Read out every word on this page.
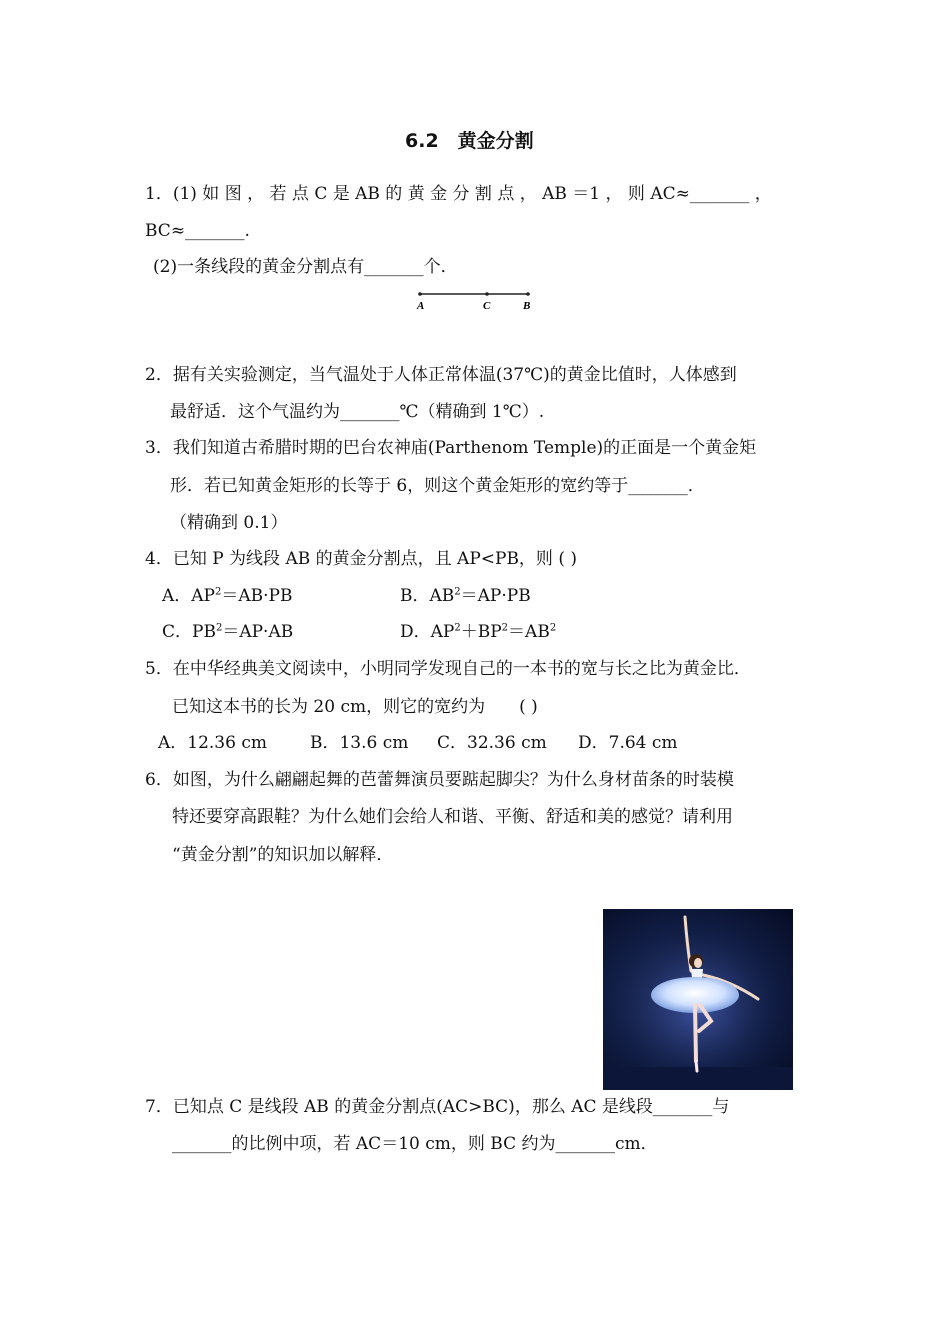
6.2　黄金分割
1．(1) 如 图 ， 若 点 C 是 AB 的 黄 金 分 割 点 ， AB ＝1 ， 则 AC≈_______ ，
BC≈_______.
(2)一条线段的黄金分割点有_______个．
A	C	B
2．据有关实验测定，当气温处于人体正常体温(37℃)的黄金比值时，人体感到
最舒适．这个气温约为_______℃（精确到 1℃）.
3．我们知道古希腊时期的巴台农神庙(Parthenom Temple)的正面是一个黄金矩
形．若已知黄金矩形的长等于 6，则这个黄金矩形的宽约等于_______．
（精确到 0.1）
4．已知 P 为线段 AB 的黄金分割点，且 AP<PB，则 ( )
A．$AP^2=AB\cdot PB$	B．$AB^2=AP\cdot PB$
C．$PB^2=AP\cdot AB$	D．$AP^2+BP^2=AB^2$
5．在中华经典美文阅读中，小明同学发现自己的一本书的宽与长之比为黄金比．
已知这本书的长为 20 cm，则它的宽约为　　( )
A．12.36 cm	B．13.6 cm C．32.36 cm D．7.64 cm
6．如图，为什么翩翩起舞的芭蕾舞演员要踮起脚尖？为什么身材苗条的时装模
特还要穿高跟鞋？为什么她们会给人和谐、平衡、舒适和美的感觉？请利用
“黄金分割”的知识加以解释．
7．已知点 C 是线段 AB 的黄金分割点(AC>BC)，那么 AC 是线段_______与
_______的比例中项，若 AC＝10 cm，则 BC 约为_______cm．
